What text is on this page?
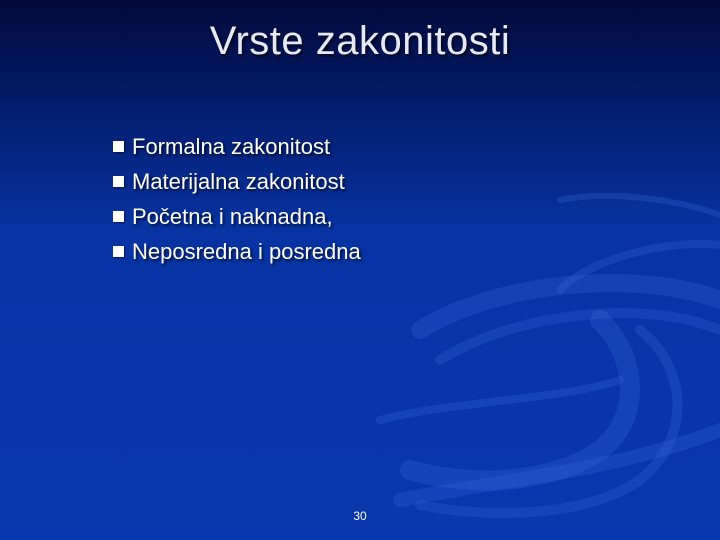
Vrste zakonitosti
Formalna zakonitost
Materijalna zakonitost
Početna i naknadna,
Neposredna i posredna
30
